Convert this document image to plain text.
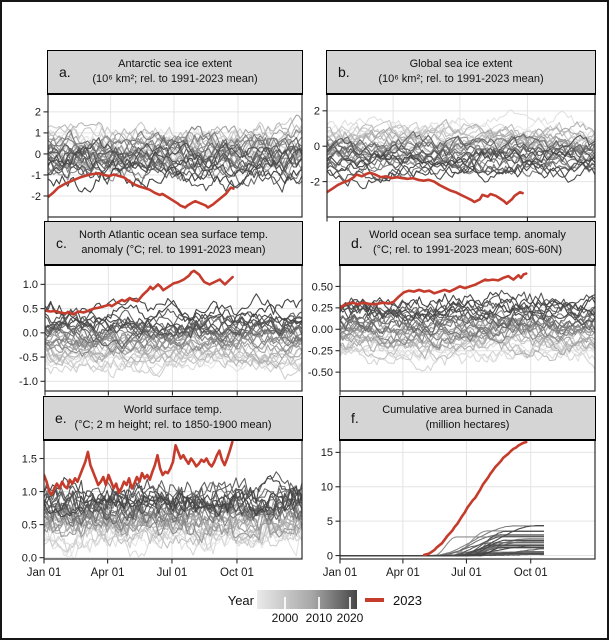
a.	Antarctic sea ice extent
(10⁶ km²; rel. to 1991-2023 mean)	b.	Global sea ice extent
(10⁶ km²; rel. to 1991-2023 mean)
c.	North Atlantic ocean sea surface temp.
anomaly (°C; rel. to 1991-2023 mean)	d. World ocean sea surface temp. anomaly
(°C; rel. to 1991-2023 mean; 60S-60N)
e.	World surface temp.
(°C; 2 m height; rel. to 1850-1900 mean)	f.	Cumulative area burned in Canada
(million hectares)
2
1
0
-1
-2
2
0
-2
1.0
0.5
0.0
-0.5
-1.0
0.50
0.25
0.00
-0.25
-0.50
1.5
1.0
0.5
0.0
Jan 01	Apr 01	Jul 01	Oct 01
15
10
5
0
Jan 01 Apr 01	Jul 01	Oct 01
Year
2000 2010 2020
2023
